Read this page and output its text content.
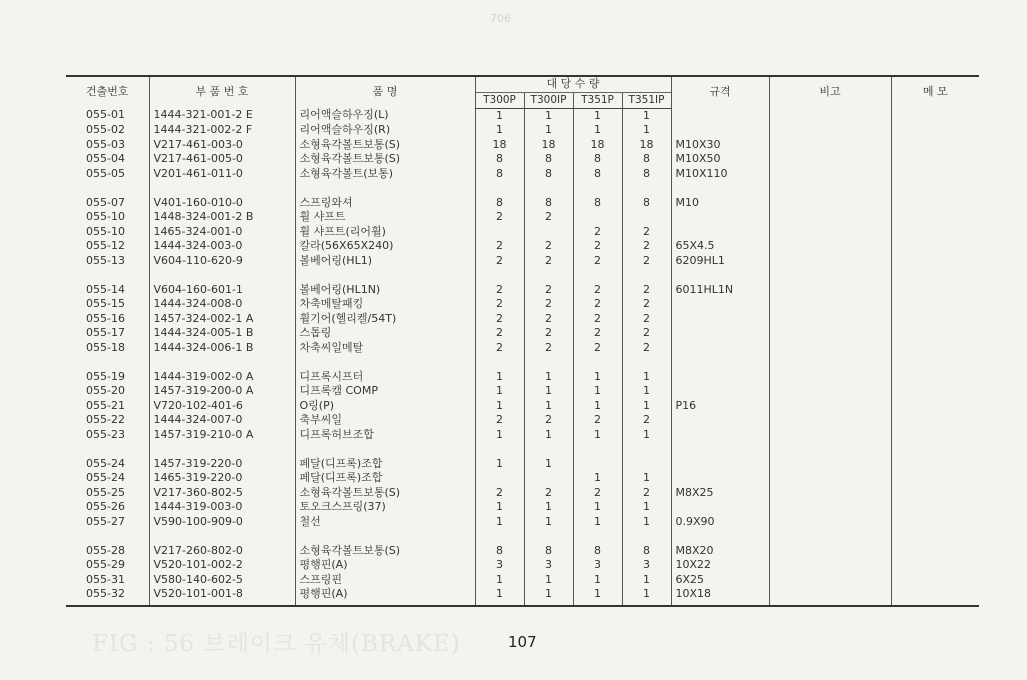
706
건출번호	부 품 번 호	품 명	대 당 수 량				규격	비고	메 모
			T300P	T300IP	T351P	T351IP			
055-01	1444-321-001-2 E	리어액슬하우징(L)	1	1	1	1			
055-02	1444-321-002-2 F	리어액슬하우징(R)	1	1	1	1			
055-03	V217-461-003-0	소형육각볼트보통(S)	18	18	18	18	M10X30		
055-04	V217-461-005-0	소형육각볼트보통(S)	8	8	8	8	M10X50		
055-05	V201-461-011-0	소형육각볼트(보통)	8	8	8	8	M10X110		

055-07	V401-160-010-0	스프링와셔	8	8	8	8	M10		
055-10	1448-324-001-2 B	휠 샤프트	2	2					
055-10	1465-324-001-0	휠 샤프트(리어휠)			2	2			
055-12	1444-324-003-0	칼라(56X65X240)	2	2	2	2	65X4.5		
055-13	V604-110-620-9	볼베어링(HL1)	2	2	2	2	6209HL1		

055-14	V604-160-601-1	볼베어링(HL1N)	2	2	2	2	6011HL1N		
055-15	1444-324-008-0	차축메탈패킹	2	2	2	2			
055-16	1457-324-002-1 A	휠기어(헬리켈/54T)	2	2	2	2			
055-17	1444-324-005-1 B	스톱링	2	2	2	2			
055-18	1444-324-006-1 B	차축씨일메탈	2	2	2	2			

055-19	1444-319-002-0 A	디프록시프터	1	1	1	1			
055-20	1457-319-200-0 A	디프록캠 COMP	1	1	1	1			
055-21	V720-102-401-6	O링(P)	1	1	1	1	P16		
055-22	1444-324-007-0	축부씨일	2	2	2	2			
055-23	1457-319-210-0 A	디프록허브조합	1	1	1	1			

055-24	1457-319-220-0	페달(디프록)조합	1	1					
055-24	1465-319-220-0	페달(디프록)조합			1	1			
055-25	V217-360-802-5	소형육각볼트보통(S)	2	2	2	2	M8X25		
055-26	1444-319-003-0	토오크스프링(37)	1	1	1	1			
055-27	V590-100-909-0	철선	1	1	1	1	0.9X90		

055-28	V217-260-802-0	소형육각볼트보통(S)	8	8	8	8	M8X20		
055-29	V520-101-002-2	평행핀(A)	3	3	3	3	10X22		
055-31	V580-140-602-5	스프링핀	1	1	1	1	6X25		
055-32	V520-101-001-8	평행핀(A)	1	1	1	1	10X18		
FIG : 56 브레이크 유체(BRAKE)	107
